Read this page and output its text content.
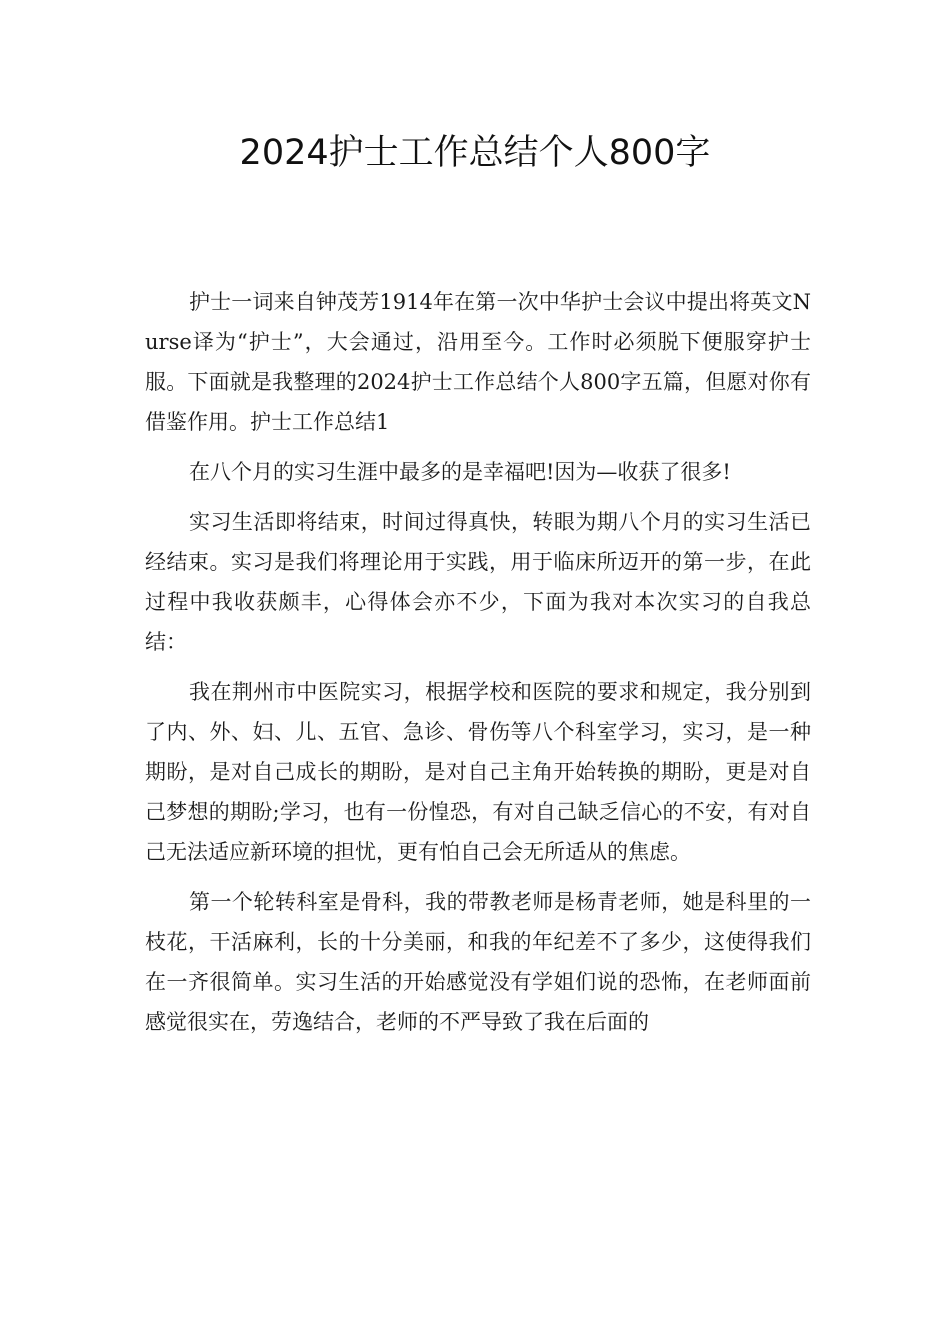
2024护士工作总结个人800字

护士一词来自钟茂芳1914年在第一次中华护士会议中提出将英文Nurse译为“护士”，大会通过，沿用至今。工作时必须脱下便服穿护士服。下面就是我整理的2024护士工作总结个人800字五篇，但愿对你有借鉴作用。护士工作总结1

在八个月的实习生涯中最多的是幸福吧!因为—收获了很多!

实习生活即将结束，时间过得真快，转眼为期八个月的实习生活已经结束。实习是我们将理论用于实践，用于临床所迈开的第一步，在此过程中我收获颇丰，心得体会亦不少，下面为我对本次实习的自我总结：

我在荆州市中医院实习，根据学校和医院的要求和规定，我分别到了内、外、妇、儿、五官、急诊、骨伤等八个科室学习，实习，是一种期盼，是对自己成长的期盼，是对自己主角开始转换的期盼，更是对自己梦想的期盼;学习，也有一份惶恐，有对自己缺乏信心的不安，有对自己无法适应新环境的担忧，更有怕自己会无所适从的焦虑。

第一个轮转科室是骨科，我的带教老师是杨青老师，她是科里的一枝花，干活麻利，长的十分美丽，和我的年纪差不了多少，这使得我们在一齐很简单。实习生活的开始感觉没有学姐们说的恐怖，在老师面前感觉很实在，劳逸结合，老师的不严导致了我在后面的
